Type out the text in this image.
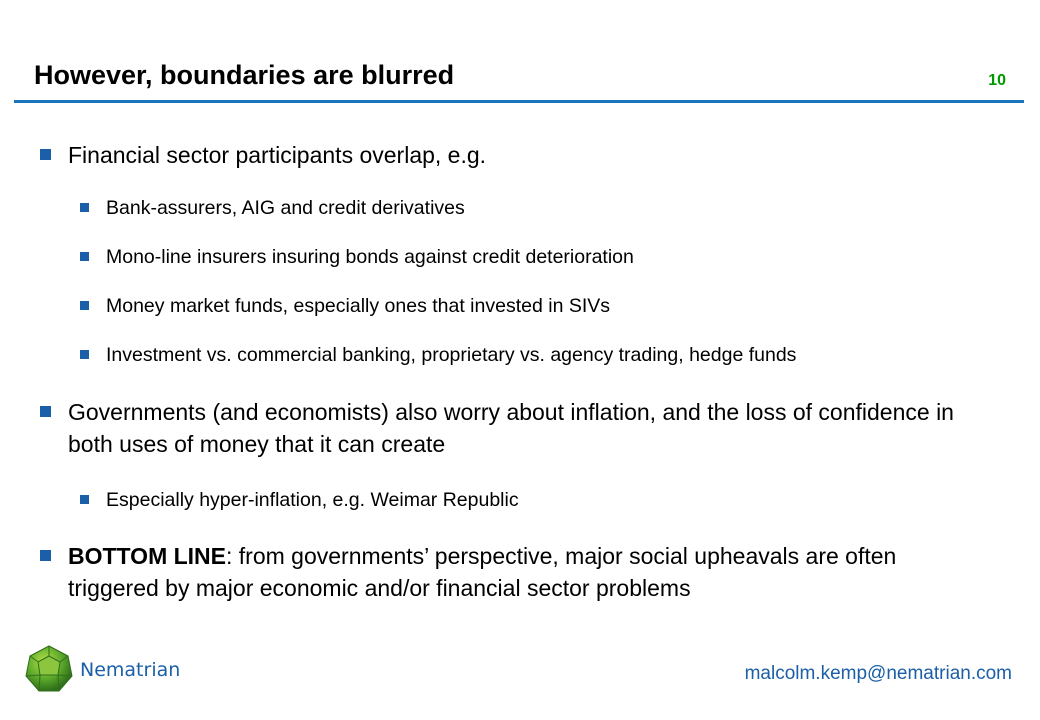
However, boundaries are blurred	10
Financial sector participants overlap, e.g.
Bank-assurers, AIG and credit derivatives
Mono-line insurers insuring bonds against credit deterioration
Money market funds, especially ones that invested in SIVs
Investment vs. commercial banking, proprietary vs. agency trading, hedge funds
Governments (and economists) also worry about inflation, and the loss of confidence in both uses of money that it can create
Especially hyper-inflation, e.g. Weimar Republic
BOTTOM LINE: from governments’ perspective, major social upheavals are often triggered by major economic and/or financial sector problems
Nematrian	malcolm.kemp@nematrian.com
